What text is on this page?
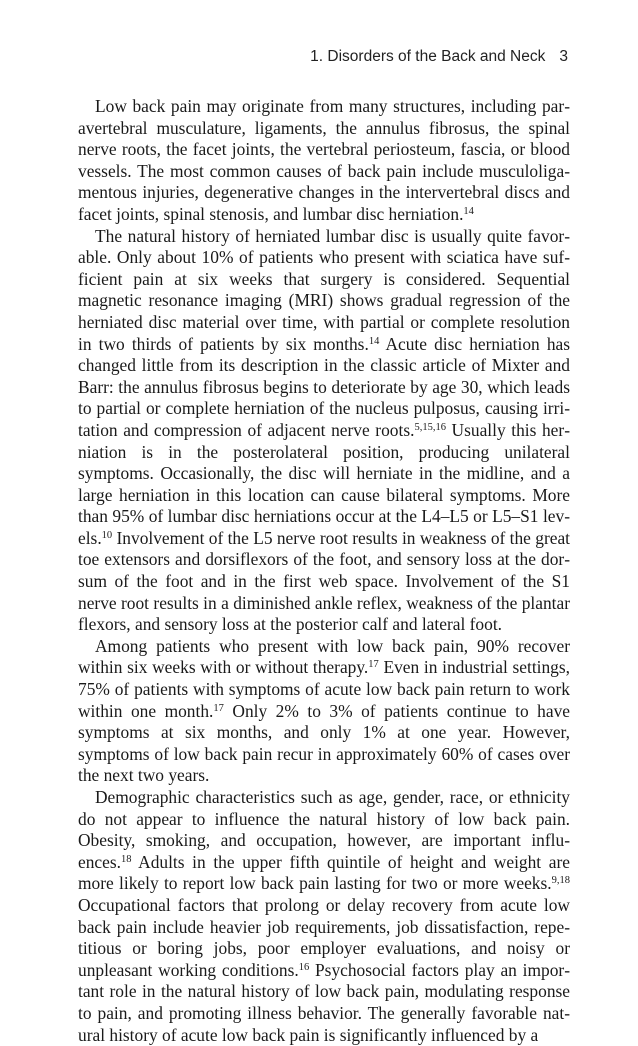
1. Disorders of the Back and Neck 3

Low back pain may originate from many structures, including paravertebral musculature, ligaments, the annulus fibrosus, the spinal nerve roots, the facet joints, the vertebral periosteum, fascia, or blood vessels. The most common causes of back pain include musculoligamentous injuries, degenerative changes in the intervertebral discs and facet joints, spinal stenosis, and lumbar disc herniation.$^{14}$

The natural history of herniated lumbar disc is usually quite favorable. Only about 10% of patients who present with sciatica have sufficient pain at six weeks that surgery is considered. Sequential magnetic resonance imaging (MRI) shows gradual regression of the herniated disc material over time, with partial or complete resolution in two thirds of patients by six months.$^{14}$ Acute disc herniation has changed little from its description in the classic article of Mixter and Barr: the annulus fibrosus begins to deteriorate by age 30, which leads to partial or complete herniation of the nucleus pulposus, causing irritation and compression of adjacent nerve roots.$^{5,15,16}$ Usually this herniation is in the posterolateral position, producing unilateral symptoms. Occasionally, the disc will herniate in the midline, and a large herniation in this location can cause bilateral symptoms. More than 95% of lumbar disc herniations occur at the L4–L5 or L5–S1 levels.$^{10}$ Involvement of the L5 nerve root results in weakness of the great toe extensors and dorsiflexors of the foot, and sensory loss at the dorsum of the foot and in the first web space. Involvement of the S1 nerve root results in a diminished ankle reflex, weakness of the plantar flexors, and sensory loss at the posterior calf and lateral foot.

Among patients who present with low back pain, 90% recover within six weeks with or without therapy.$^{17}$ Even in industrial settings, 75% of patients with symptoms of acute low back pain return to work within one month.$^{17}$ Only 2% to 3% of patients continue to have symptoms at six months, and only 1% at one year. However, symptoms of low back pain recur in approximately 60% of cases over the next two years.

Demographic characteristics such as age, gender, race, or ethnicity do not appear to influence the natural history of low back pain. Obesity, smoking, and occupation, however, are important influences.$^{18}$ Adults in the upper fifth quintile of height and weight are more likely to report low back pain lasting for two or more weeks.$^{9,18}$ Occupational factors that prolong or delay recovery from acute low back pain include heavier job requirements, job dissatisfaction, repetitious or boring jobs, poor employer evaluations, and noisy or unpleasant working conditions.$^{16}$ Psychosocial factors play an important role in the natural history of low back pain, modulating response to pain, and promoting illness behavior. The generally favorable natural history of acute low back pain is significantly influenced by a
